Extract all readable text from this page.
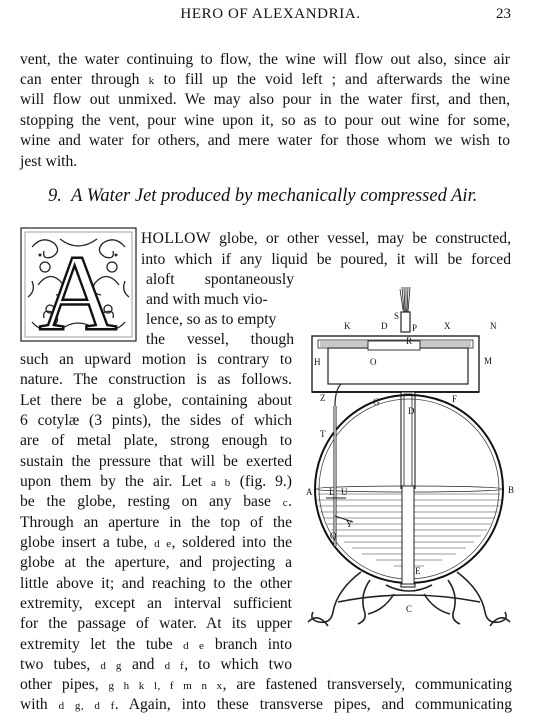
HERO OF ALEXANDRIA.	23
vent, the water continuing to flow, the wine will flow out also, since air
can enter through k to fill up the void left ; and afterwards the wine
will flow out unmixed. We may also pour in the water first, and then,
stopping the vent, pour wine upon it, so as to pour out wine for some,
wine and water for others, and mere water for those whom we wish to
jest with.
9. A Water Jet produced by mechanically compressed Air.
A HOLLOW globe, or other vessel, may be constructed,
into which if any liquid be poured, it will be forced
aloft spontaneously
and with much vio-
lence, so as to empty
the vessel, though
such an upward motion is contrary to
nature. The construction is as follows.
Let there be a globe, containing about
6 cotylæ (3 pints), the sides of which
are of metal plate, strong enough to
sustain the pressure that will be exerted
upon them by the air. Let a b (fig. 9.)
be the globe, resting on any base c.
Through an aperture in the top of the
globe insert a tube, d e, soldered into the
globe at the aperture, and projecting a
little above it; and reaching to the other
extremity, except an interval sufficient
for the passage of water. At its upper
extremity let the tube d e branch into
two tubes, d g and d f, to which two
other pipes, g h k l, f m n x, are fastened transversely, communicating
with d g, d f. Again, into these transverse pipes, and communicating
K	D
S
P	X	N
R
H	O	M
Z	G
D
F
T
A L U	B
Y
Q
E
C
